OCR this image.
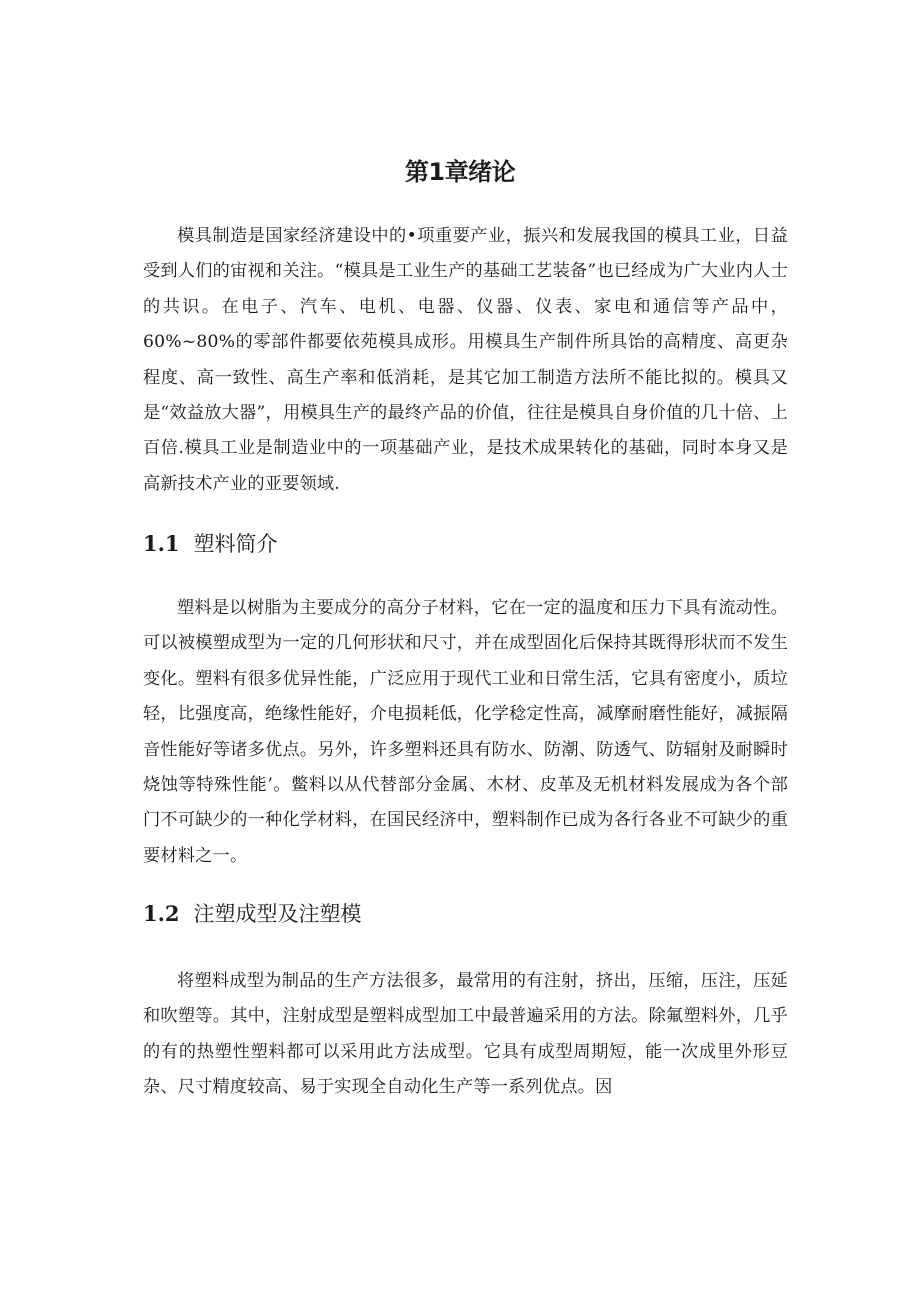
第1章绪论

模具制造是国家经济建设中的•项重要产业，振兴和发展我国的模具工业，日益受到人们的宙视和关注。“模具是工业生产的基础工艺装备”也已经成为广大业内人士的共识。在电子、汽车、电机、电器、仪器、仪表、家电和通信等产品中，60%~80%的零部件都要依苑模具成形。用模具生产制件所具饴的高精度、高更杂程度、高一致性、高生产率和低消耗，是其它加工制造方法所不能比拟的。模具又是“效益放大器”，用模具生产的最终产品的价值，往往是模具自身价值的几十倍、上百倍.模具工业是制造业中的一项基础产业，是技术成果转化的基础，同时本身又是高新技术产业的亚要领域.

1.1 塑料简介

塑料是以树脂为主要成分的高分子材料，它在一定的温度和压力下具有流动性。可以被模塑成型为一定的几何形状和尺寸，并在成型固化后保持其既得形状而不发生变化。塑料有很多优异性能，广泛应用于现代工业和日常生活，它具有密度小，质垃轻，比强度高，绝缘性能好，介电损耗低，化学稔定性高，减摩耐磨性能好，减振隔音性能好等诸多优点。另外，许多塑料还具有防水、防潮、防透气、防辐射及耐瞬时烧蚀等特殊性能’。鳖料以从代替部分金属、木材、皮革及无机材料发展成为各个部门不可缺少的一种化学材料，在国民经济中，塑料制作已成为各行各业不可缺少的重要材料之一。

1.2 注塑成型及注塑模

将塑料成型为制品的生产方法很多，最常用的有注射，挤出，压缩，压注，压延和吹塑等。其中，注射成型是塑料成型加工中最普遍采用的方法。除氟塑料外，几乎的有的热塑性塑料都可以采用此方法成型。它具有成型周期短，能一次成里外形豆杂、尺寸精度较高、易于实现全自动化生产等一系列优点。因
